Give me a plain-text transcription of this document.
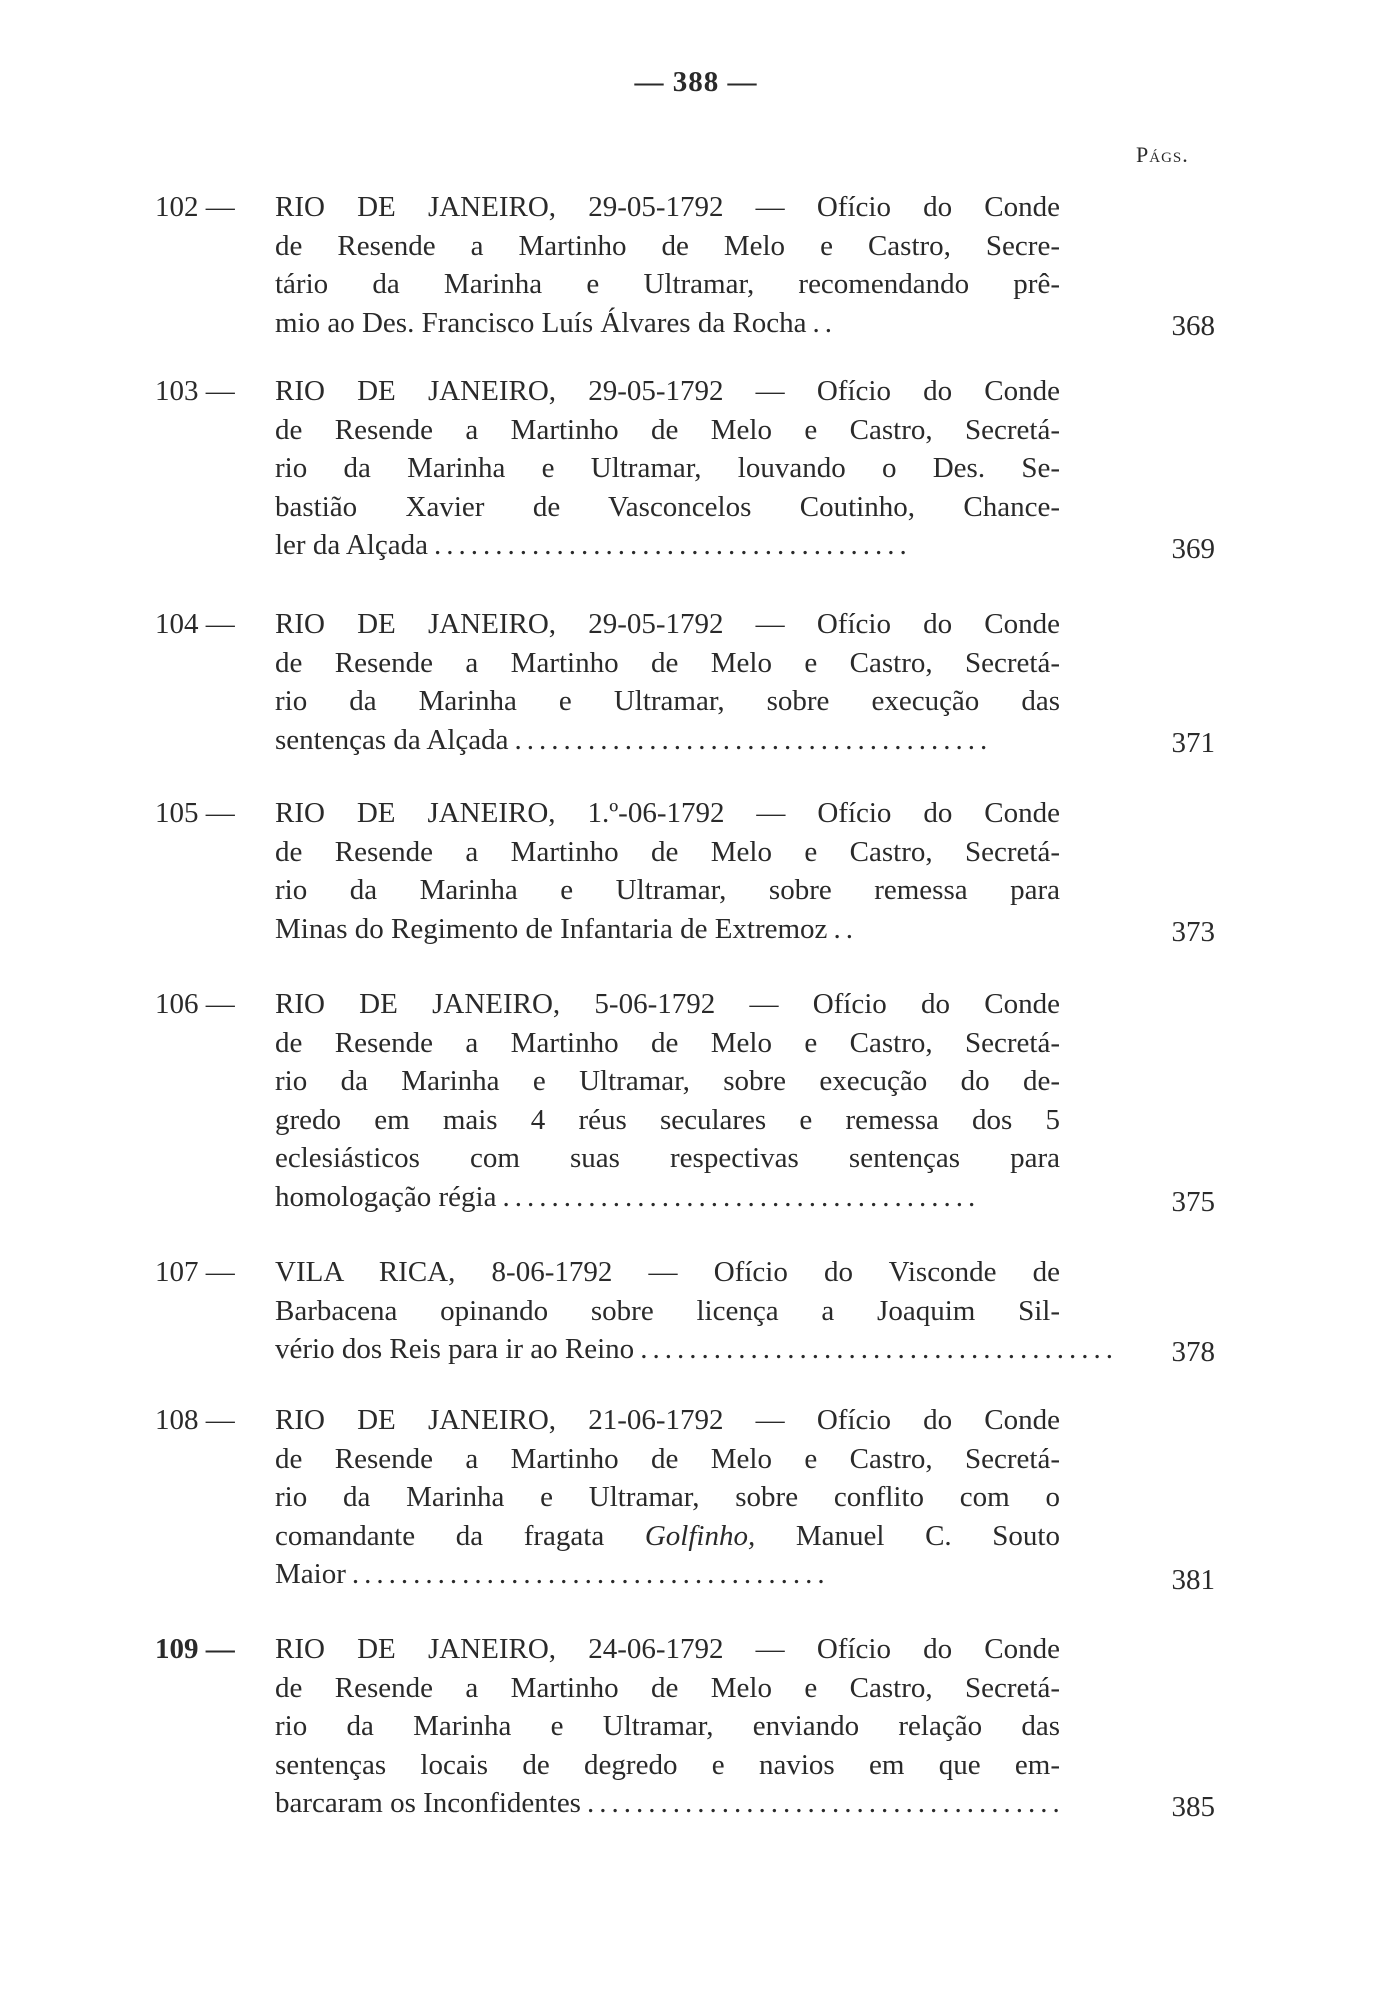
— 388 —
Págs.
102 —	RIO DE JANEIRO, 29-05-1792 — Ofício do Conde
de Resende a Martinho de Melo e Castro, Secre-
tário da Marinha e Ultramar, recomendando prê-
mio ao Des. Francisco Luís Álvares da Rocha ..	368
103 —	RIO DE JANEIRO, 29-05-1792 — Ofício do Conde
de Resende a Martinho de Melo e Castro, Secretá-
rio da Marinha e Ultramar, louvando o Des. Se-
bastião Xavier de Vasconcelos Coutinho, Chance-
ler da Alçada .......................................	369
104 —	RIO DE JANEIRO, 29-05-1792 — Ofício do Conde
de Resende a Martinho de Melo e Castro, Secretá-
rio da Marinha e Ultramar, sobre execução das
sentenças da Alçada .......................................	371
105 —	RIO DE JANEIRO, 1.º-06-1792 — Ofício do Conde
de Resende a Martinho de Melo e Castro, Secretá-
rio da Marinha e Ultramar, sobre remessa para
Minas do Regimento de Infantaria de Extremoz ..	373
106 —	RIO DE JANEIRO, 5-06-1792 — Ofício do Conde
de Resende a Martinho de Melo e Castro, Secretá-
rio da Marinha e Ultramar, sobre execução do de-
gredo em mais 4 réus seculares e remessa dos 5
eclesiásticos com suas respectivas sentenças para
homologação régia .......................................	375
107 —	VILA RICA, 8-06-1792 — Ofício do Visconde de
Barbacena opinando sobre licença a Joaquim Sil-
vério dos Reis para ir ao Reino .......................................	378
108 —	RIO DE JANEIRO, 21-06-1792 — Ofício do Conde
de Resende a Martinho de Melo e Castro, Secretá-
rio da Marinha e Ultramar, sobre conflito com o
comandante da fragata Golfinho, Manuel C. Souto
Maior .......................................	381
109 —	RIO DE JANEIRO, 24-06-1792 — Ofício do Conde
de Resende a Martinho de Melo e Castro, Secretá-
rio da Marinha e Ultramar, enviando relação das
sentenças locais de degredo e navios em que em-
barcaram os Inconfidentes .......................................	385
